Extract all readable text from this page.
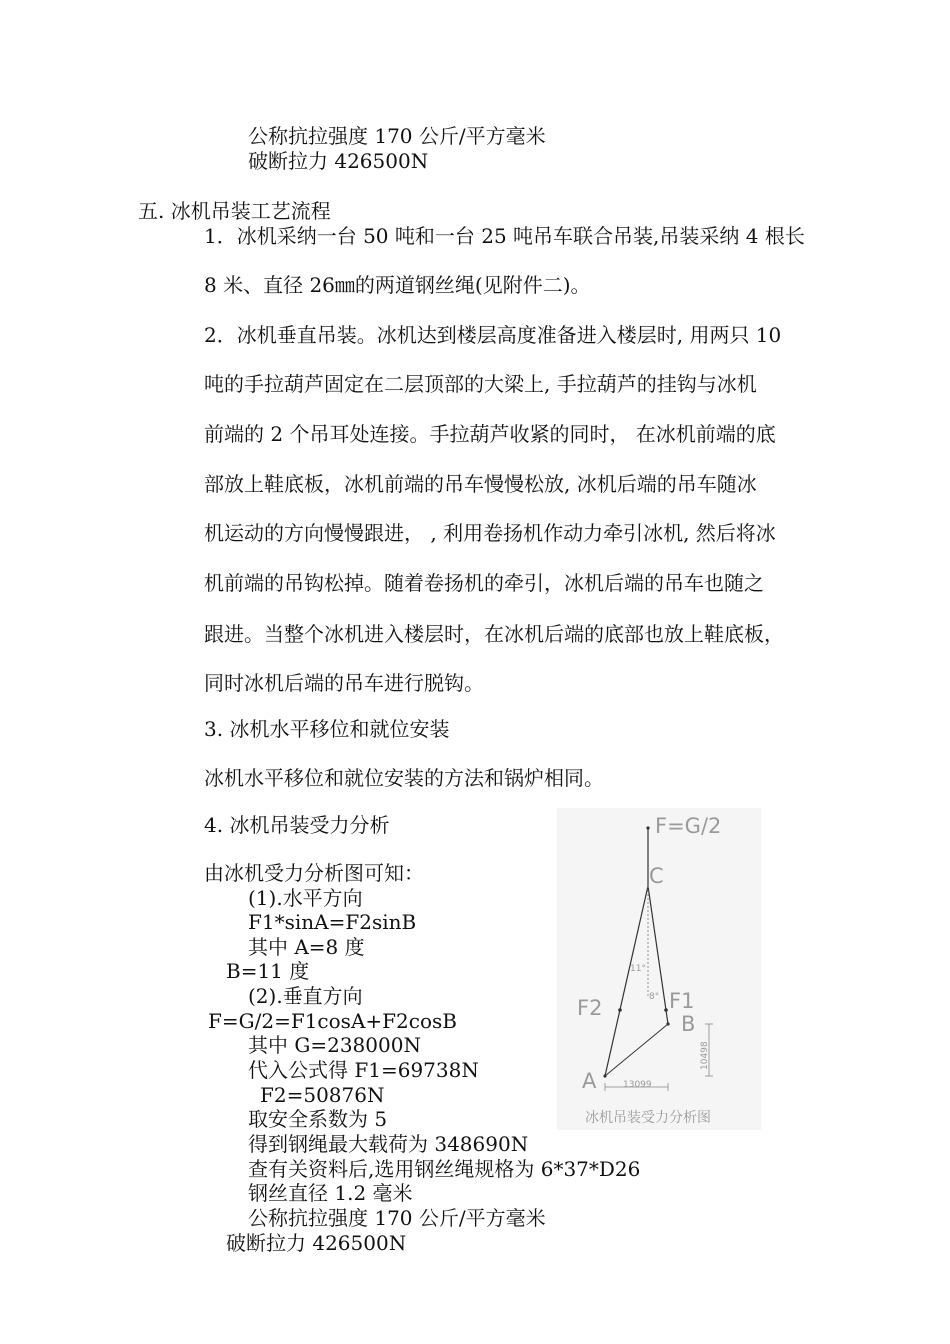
公称抗拉强度 170 公斤/平方毫米
破断拉力 426500N
五. 冰机吊装工艺流程
1．冰机采纳一台 50 吨和一台 25 吨吊车联合吊装,吊装采纳 4 根长
8 米、直径 26㎜的两道钢丝绳(见附件二)。
2．冰机垂直吊装。冰机达到楼层高度准备进入楼层时, 用两只 10
吨的手拉葫芦固定在二层顶部的大梁上, 手拉葫芦的挂钩与冰机
前端的 2 个吊耳处连接。手拉葫芦收紧的同时， 在冰机前端的底
部放上鞋底板，冰机前端的吊车慢慢松放, 冰机后端的吊车随冰
机运动的方向慢慢跟进， , 利用卷扬机作动力牵引冰机, 然后将冰
机前端的吊钩松掉。随着卷扬机的牵引，冰机后端的吊车也随之
跟进。当整个冰机进入楼层时，在冰机后端的底部也放上鞋底板，
同时冰机后端的吊车进行脱钩。
3. 冰机水平移位和就位安装
冰机水平移位和就位安装的方法和锅炉相同。
4. 冰机吊装受力分析
由冰机受力分析图可知：
(1).水平方向
F1*sinA=F2sinB
其中 A=8 度
B=11 度
(2).垂直方向
F=G/2=F1cosA+F2cosB
其中 G=238000N
代入公式得 F1=69738N
F2=50876N
取安全系数为 5
得到钢绳最大载荷为 348690N
查有关资料后,选用钢丝绳规格为 6*37*D26
钢丝直径 1.2 毫米
公称抗拉强度 170 公斤/平方毫米
破断拉力 426500N
F=G/2
C
F2	F1
A
B
11°
8°
13099
10498
冰机吊装受力分析图
